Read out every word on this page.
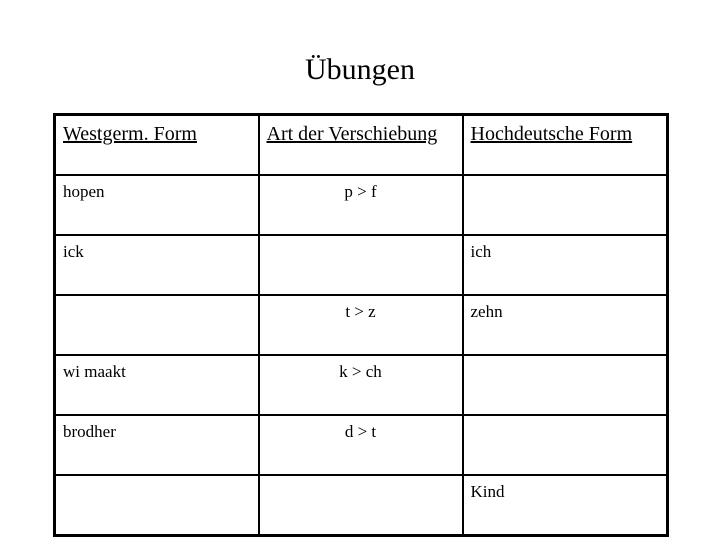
Übungen
Westgerm. Form	Art der Verschiebung	Hochdeutsche Form
hopen	p > f	
ick		ich
	t > z	zehn
wi maakt	k > ch	
brodher	d > t	
		Kind
